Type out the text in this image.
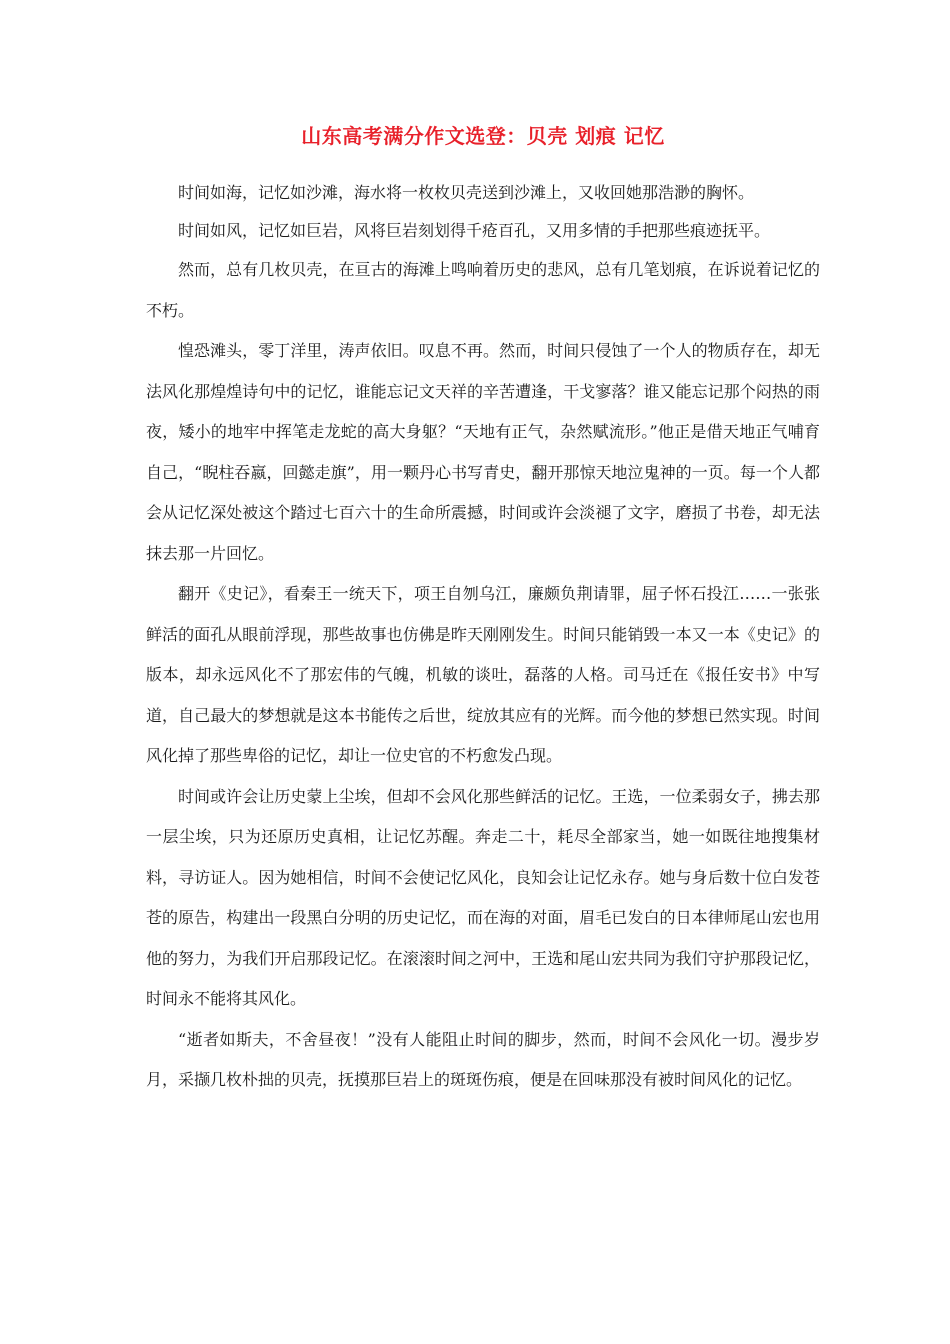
山东高考满分作文选登：贝壳 划痕 记忆

时间如海，记忆如沙滩，海水将一枚枚贝壳送到沙滩上，又收回她那浩渺的胸怀。

时间如风，记忆如巨岩，风将巨岩刻划得千疮百孔，又用多情的手把那些痕迹抚平。

然而，总有几枚贝壳，在亘古的海滩上鸣响着历史的悲风，总有几笔划痕，在诉说着记忆的不朽。

惶恐滩头，零丁洋里，涛声依旧。叹息不再。然而，时间只侵蚀了一个人的物质存在，却无法风化那煌煌诗句中的记忆，谁能忘记文天祥的辛苦遭逢，干戈寥落？谁又能忘记那个闷热的雨夜，矮小的地牢中挥笔走龙蛇的高大身躯？“天地有正气，杂然赋流形。”他正是借天地正气哺育自己，“睨柱吞嬴，回懿走旗”，用一颗丹心书写青史，翻开那惊天地泣鬼神的一页。每一个人都会从记忆深处被这个踏过七百六十的生命所震撼，时间或许会淡褪了文字，磨损了书卷，却无法抹去那一片回忆。

翻开《史记》，看秦王一统天下，项王自刎乌江，廉颇负荆请罪，屈子怀石投江……一张张鲜活的面孔从眼前浮现，那些故事也仿佛是昨天刚刚发生。时间只能销毁一本又一本《史记》的版本，却永远风化不了那宏伟的气魄，机敏的谈吐，磊落的人格。司马迁在《报任安书》中写道，自己最大的梦想就是这本书能传之后世，绽放其应有的光辉。而今他的梦想已然实现。时间风化掉了那些卑俗的记忆，却让一位史官的不朽愈发凸现。

时间或许会让历史蒙上尘埃，但却不会风化那些鲜活的记忆。王选，一位柔弱女子，拂去那一层尘埃，只为还原历史真相，让记忆苏醒。奔走二十，耗尽全部家当，她一如既往地搜集材料，寻访证人。因为她相信，时间不会使记忆风化，良知会让记忆永存。她与身后数十位白发苍苍的原告，构建出一段黑白分明的历史记忆，而在海的对面，眉毛已发白的日本律师尾山宏也用他的努力，为我们开启那段记忆。在滚滚时间之河中，王选和尾山宏共同为我们守护那段记忆，时间永不能将其风化。

“逝者如斯夫，不舍昼夜！”没有人能阻止时间的脚步，然而，时间不会风化一切。漫步岁月，采撷几枚朴拙的贝壳，抚摸那巨岩上的斑斑伤痕，便是在回味那没有被时间风化的记忆。
